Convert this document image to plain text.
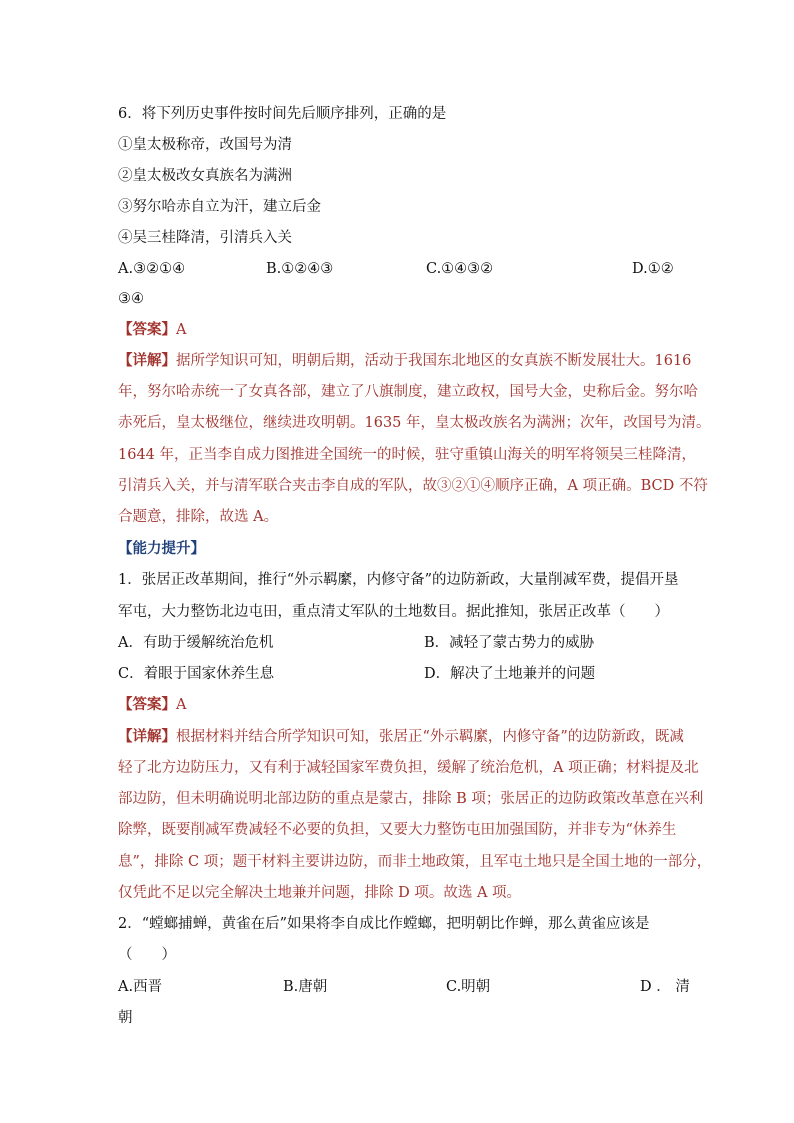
6．将下列历史事件按时间先后顺序排列，正确的是
①皇太极称帝，改国号为清
②皇太极改女真族名为满洲
③努尔哈赤自立为汗，建立后金
④吴三桂降清，引清兵入关
A.③②①④	B.①②④③	C.①④③②	D.①②
③④
【答案】A
【详解】据所学知识可知，明朝后期，活动于我国东北地区的女真族不断发展壮大。1616
年，努尔哈赤统一了女真各部，建立了八旗制度，建立政权，国号大金，史称后金。努尔哈
赤死后，皇太极继位，继续进攻明朝。1635 年，皇太极改族名为满洲；次年，改国号为清。
1644 年，正当李自成力图推进全国统一的时候，驻守重镇山海关的明军将领吴三桂降清，
引清兵入关，并与清军联合夹击李自成的军队，故③②①④顺序正确，A 项正确。BCD 不符
合题意，排除，故选 A。
【能力提升】
1．张居正改革期间，推行“外示羁縻，内修守备”的边防新政，大量削减军费，提倡开垦
军屯，大力整饬北边屯田，重点清丈军队的土地数目。据此推知，张居正改革（　　）
A．有助于缓解统治危机	B．减轻了蒙古势力的威胁
C．着眼于国家休养生息	D．解决了土地兼并的问题
【答案】A
【详解】根据材料并结合所学知识可知，张居正“外示羁縻，内修守备”的边防新政，既减
轻了北方边防压力，又有利于减轻国家军费负担，缓解了统治危机，A 项正确；材料提及北
部边防，但未明确说明北部边防的重点是蒙古，排除 B 项；张居正的边防政策改革意在兴利
除弊，既要削减军费减轻不必要的负担，又要大力整饬屯田加强国防，并非专为“休养生
息”，排除 C 项；题干材料主要讲边防，而非土地政策，且军屯土地只是全国土地的一部分，
仅凭此不足以完全解决土地兼并问题，排除 D 项。故选 A 项。
2．“螳螂捕蝉，黄雀在后”如果将李自成比作螳螂，把明朝比作蝉，那么黄雀应该是
（　　）
A.西晋	B.唐朝	C.明朝	D ． 清
朝
